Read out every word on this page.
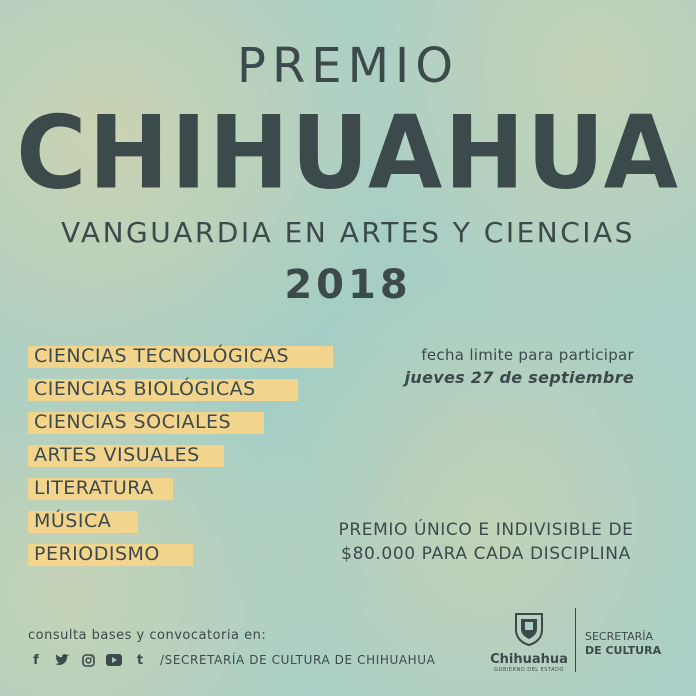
PREMIO
CHIHUAHUA
VANGUARDIA EN ARTES Y CIENCIAS
2018
CIENCIAS TECNOLÓGICAS
CIENCIAS BIOLÓGICAS
CIENCIAS SOCIALES
ARTES VISUALES
LITERATURA
MÚSICA
PERIODISMO
fecha limite para participar
jueves 27 de septiembre
PREMIO ÚNICO E INDIVISIBLE DE
$80.000 PARA CADA DISCIPLINA
consulta bases y convocatoria en:
f	t	/SECRETARÍA DE CULTURA DE CHIHUAHUA	Chihuahua
GOBIERNO DEL ESTADO
SECRETARÍA
DE CULTURA
